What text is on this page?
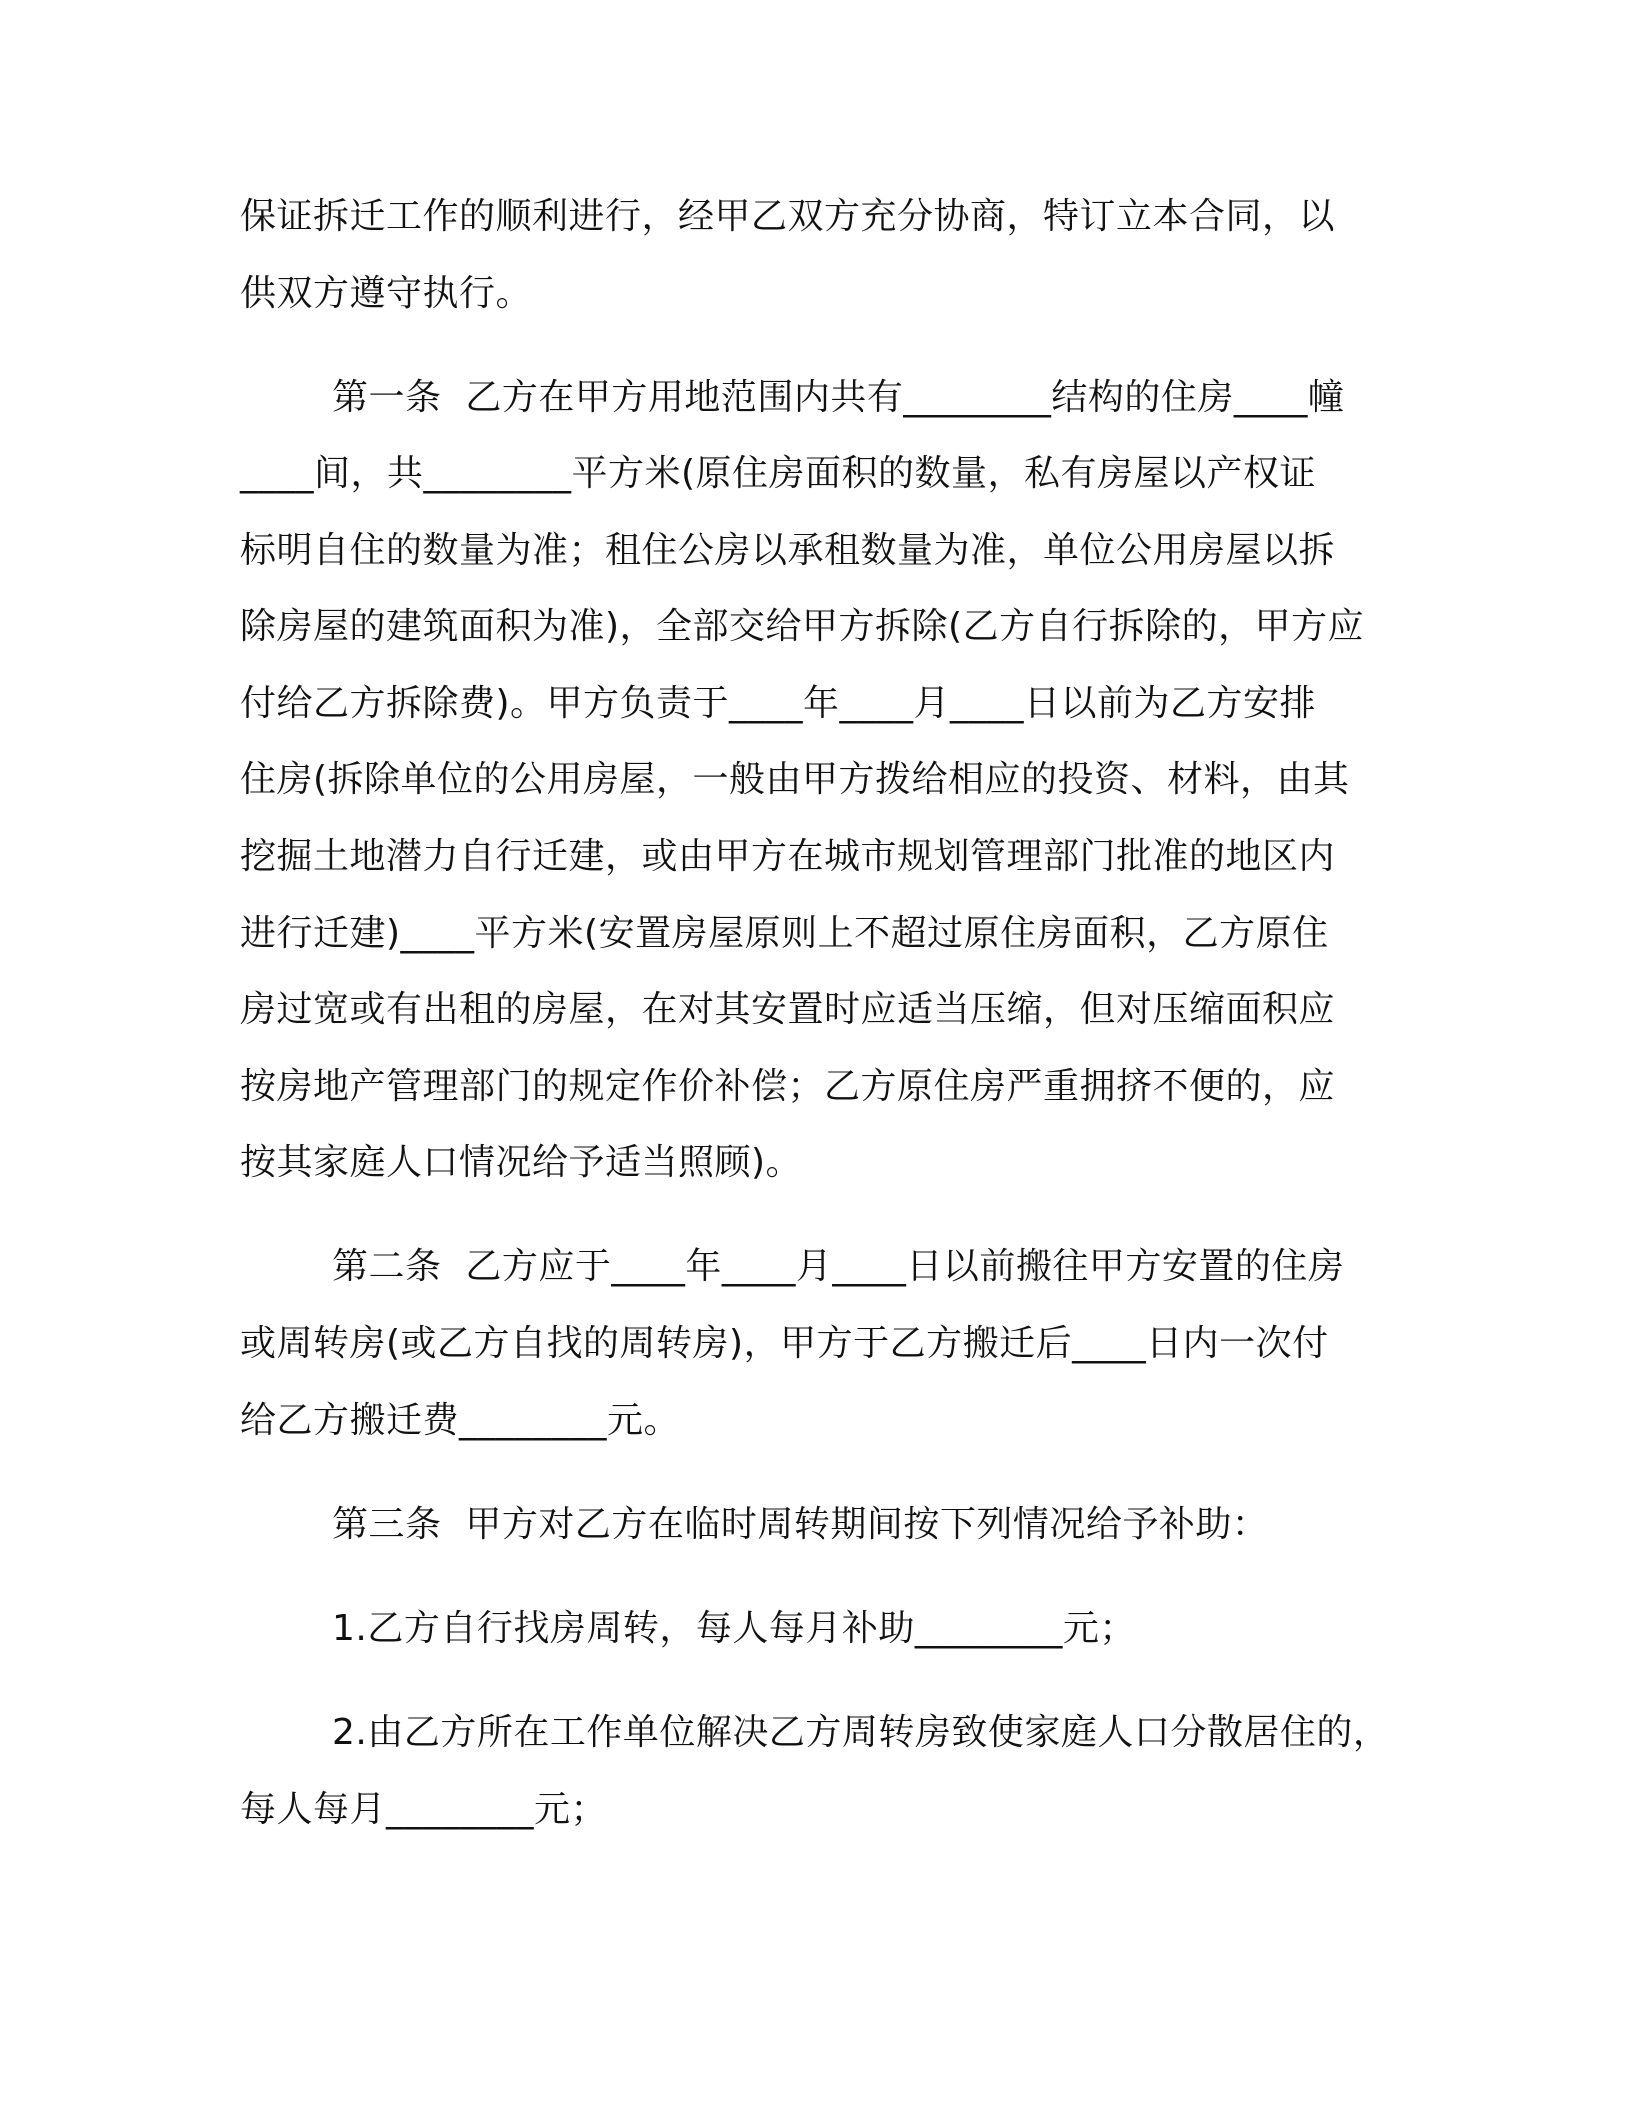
保证拆迁工作的顺利进行，经甲乙双方充分协商，特订立本合同，以
供双方遵守执行。
第一条  乙方在甲方用地范围内共有________结构的住房____幢
____间，共________平方米(原住房面积的数量，私有房屋以产权证
标明自住的数量为准；租住公房以承租数量为准，单位公用房屋以拆
除房屋的建筑面积为准)，全部交给甲方拆除(乙方自行拆除的，甲方应
付给乙方拆除费)。甲方负责于____年____月____日以前为乙方安排
住房(拆除单位的公用房屋，一般由甲方拨给相应的投资、材料，由其
挖掘土地潜力自行迁建，或由甲方在城市规划管理部门批准的地区内
进行迁建)____平方米(安置房屋原则上不超过原住房面积，乙方原住
房过宽或有出租的房屋，在对其安置时应适当压缩，但对压缩面积应
按房地产管理部门的规定作价补偿；乙方原住房严重拥挤不便的，应
按其家庭人口情况给予适当照顾)。
第二条  乙方应于____年____月____日以前搬往甲方安置的住房
或周转房(或乙方自找的周转房)，甲方于乙方搬迁后____日内一次付
给乙方搬迁费________元。
第三条  甲方对乙方在临时周转期间按下列情况给予补助：
1.乙方自行找房周转，每人每月补助________元；
2.由乙方所在工作单位解决乙方周转房致使家庭人口分散居住的，
每人每月________元；
